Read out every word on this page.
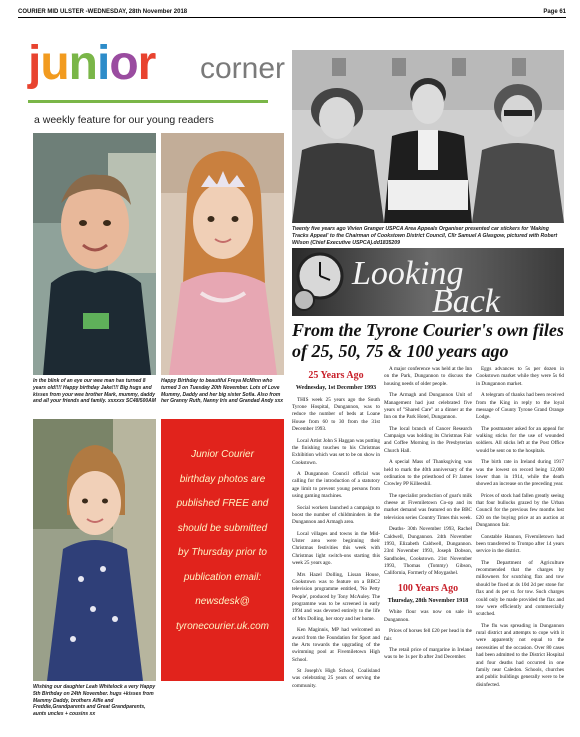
COURIER MID ULSTER -WEDNESDAY, 28th November 2018	Page 61
junior corner
a weekly feature for our young readers
In the blink of an eye our wee man has turned 8 years old!!!! Happy birthday Jake!!!! Big hugs and kisses from your wee brother Mark, mummy, daddy and all your friends and family. xxxxxx SC48/500AM
Happy Birthday to beautiful Freya McMinn who turned 3 on Tuesday 20th November. Lots of Love Mummy, Daddy and her big sister Sofia. Also from her Granny Ruth, Nanny Iris and Grandad Andy xxx
Wishing our daughter Leah Whitelock a very Happy 5th Birthday on 24th November. hugs +kisses from Mammy Daddy, brothers Alfie and Freddie,Grandparents and Great Grandparents, aunts uncles + cousins xx
Junior Courier
birthday photos are
published FREE and
should be submitted
by Thursday prior to
publication email:
newsdesk@
tyronecourier.uk.com
Twenty five years ago Vivien Granger USPCA Area Appeals Organiser presented car stickers for 'Making Tracks Appeal' to the Chairman of Cookstown District Council, Cllr Samuel A Glasgow, pictured with Robert Wilson (Chief Executive USPCA).dd1835209
Looking
Back
From the Tyrone Courier's own files of 25, 50, 75 & 100 years ago

25 Years Ago

Wednesday, 1st December 1993

THIS week 25 years ago the South Tyrone Hospital, Dungannon, was to reduce the number of beds at Loane House from 60 to 30 from the 31st December 1993.

Local Artist John S Haggan was putting the finishing touches to his Christmas Exhibition which was set to be on show in Cookstown.

A Dungannon Council official was calling for the introduction of a statutory age limit to prevent young persons from using gaming machines.

Social workers launched a campaign to boost the number of childminders in the Dungannon and Armagh area.

Local villages and towns in the Mid-Ulster area were beginning their Christmas festivities this week with Christmas light switch-ons starting this week 25 years ago.

Mrs Hazel Dolling, Lissan House, Cookstown was to feature on a BBC2 television programme entitled, 'No Petty People', produced by Tony McAuley. The programme was to be screened in early 1994 and was devoted entirely to the life of Mrs Dolling, her story and her home.

Ken Maginnis, MP had welcomed an award from the Foundation for Sport and the Arts towards the upgrading of the swimming pool at Fivemiletown High School.

St Joseph's High School, Coalisland was celebrating 25 years of serving the community.

A major conference was held at the Inn on the Park, Dungannon to discuss the housing needs of older people.

The Armagh and Dungannon Unit of Management had just celebrated five years of "Shared Care" at a dinner at the Inn on the Park Hotel, Dungannon.

The local branch of Cancer Research Campaign was holding its Christmas Fair and Coffee Morning in the Presbyterian Church Hall.

A special Mass of Thanksgiving was held to mark the 40th anniversary of the ordination to the priesthood of Fr James Crowley PP Killeeshil.

The specialist production of goat's milk cheese at Fivemiletown Co-op and its market demand was featured on the BBC television series Country Times this week.

Deaths- 30th November 1993, Rachel Caldwell, Dungannon. 24th November 1993, Elizabeth Caldwell, Dungannon. 23rd November 1993, Joseph Dobson, Sandholes, Cookstown. 21st November 1993, Thomas (Tommy) Gibson, California, Formerly of Moygashel.

100 Years Ago

Thursday, 28th November 1918

White flour was now on sale in Dungannon.

Prices of horses fell £20 per head in the fair.

The retail price of margarine in Ireland was to be 1s per lb after 2nd December.

Eggs advances to 5s per dozen in Cookstown market while they were 5s 6d in Dungannon market.

A telegram of thanks had been received from the King in reply to the loyal message of County Tyrone Grand Orange Lodge.

The postmaster asked for an appeal for walking sticks for the use of wounded soldiers. All sticks left at the Post Office would be sent on to the hospitals.

The birth rate in Ireland during 1917 was the lowest on record being 12,000 lower than in 1914, while the death showed an increase on the preceding year.

Prices of stock had fallen greatly seeing that four bullocks grazed by the Urban Council for the previous few months lost £20 on the buying price at an auction at Dungannon fair.

Constable Hannon, Fivemiletown had been transferred to Trompo after 14 years service in the district.

The Department of Agriculture recommended that the charges by millowners for scutching flax and tow should be fixed at 4s 10d 2d per stone for flax and 4s per st. for tow. Such charges could only be made provided the flax and tow were efficiently and commercially scutched.

The flu was spreading in Dungannon rural district and attempts to cope with it were apparently not equal to the necessities of the occasion. Over 80 cases had been admitted to the District Hospital and four deaths had occurred in one family near Caledon. Schools, churches and public buildings generally were to be disinfected.
